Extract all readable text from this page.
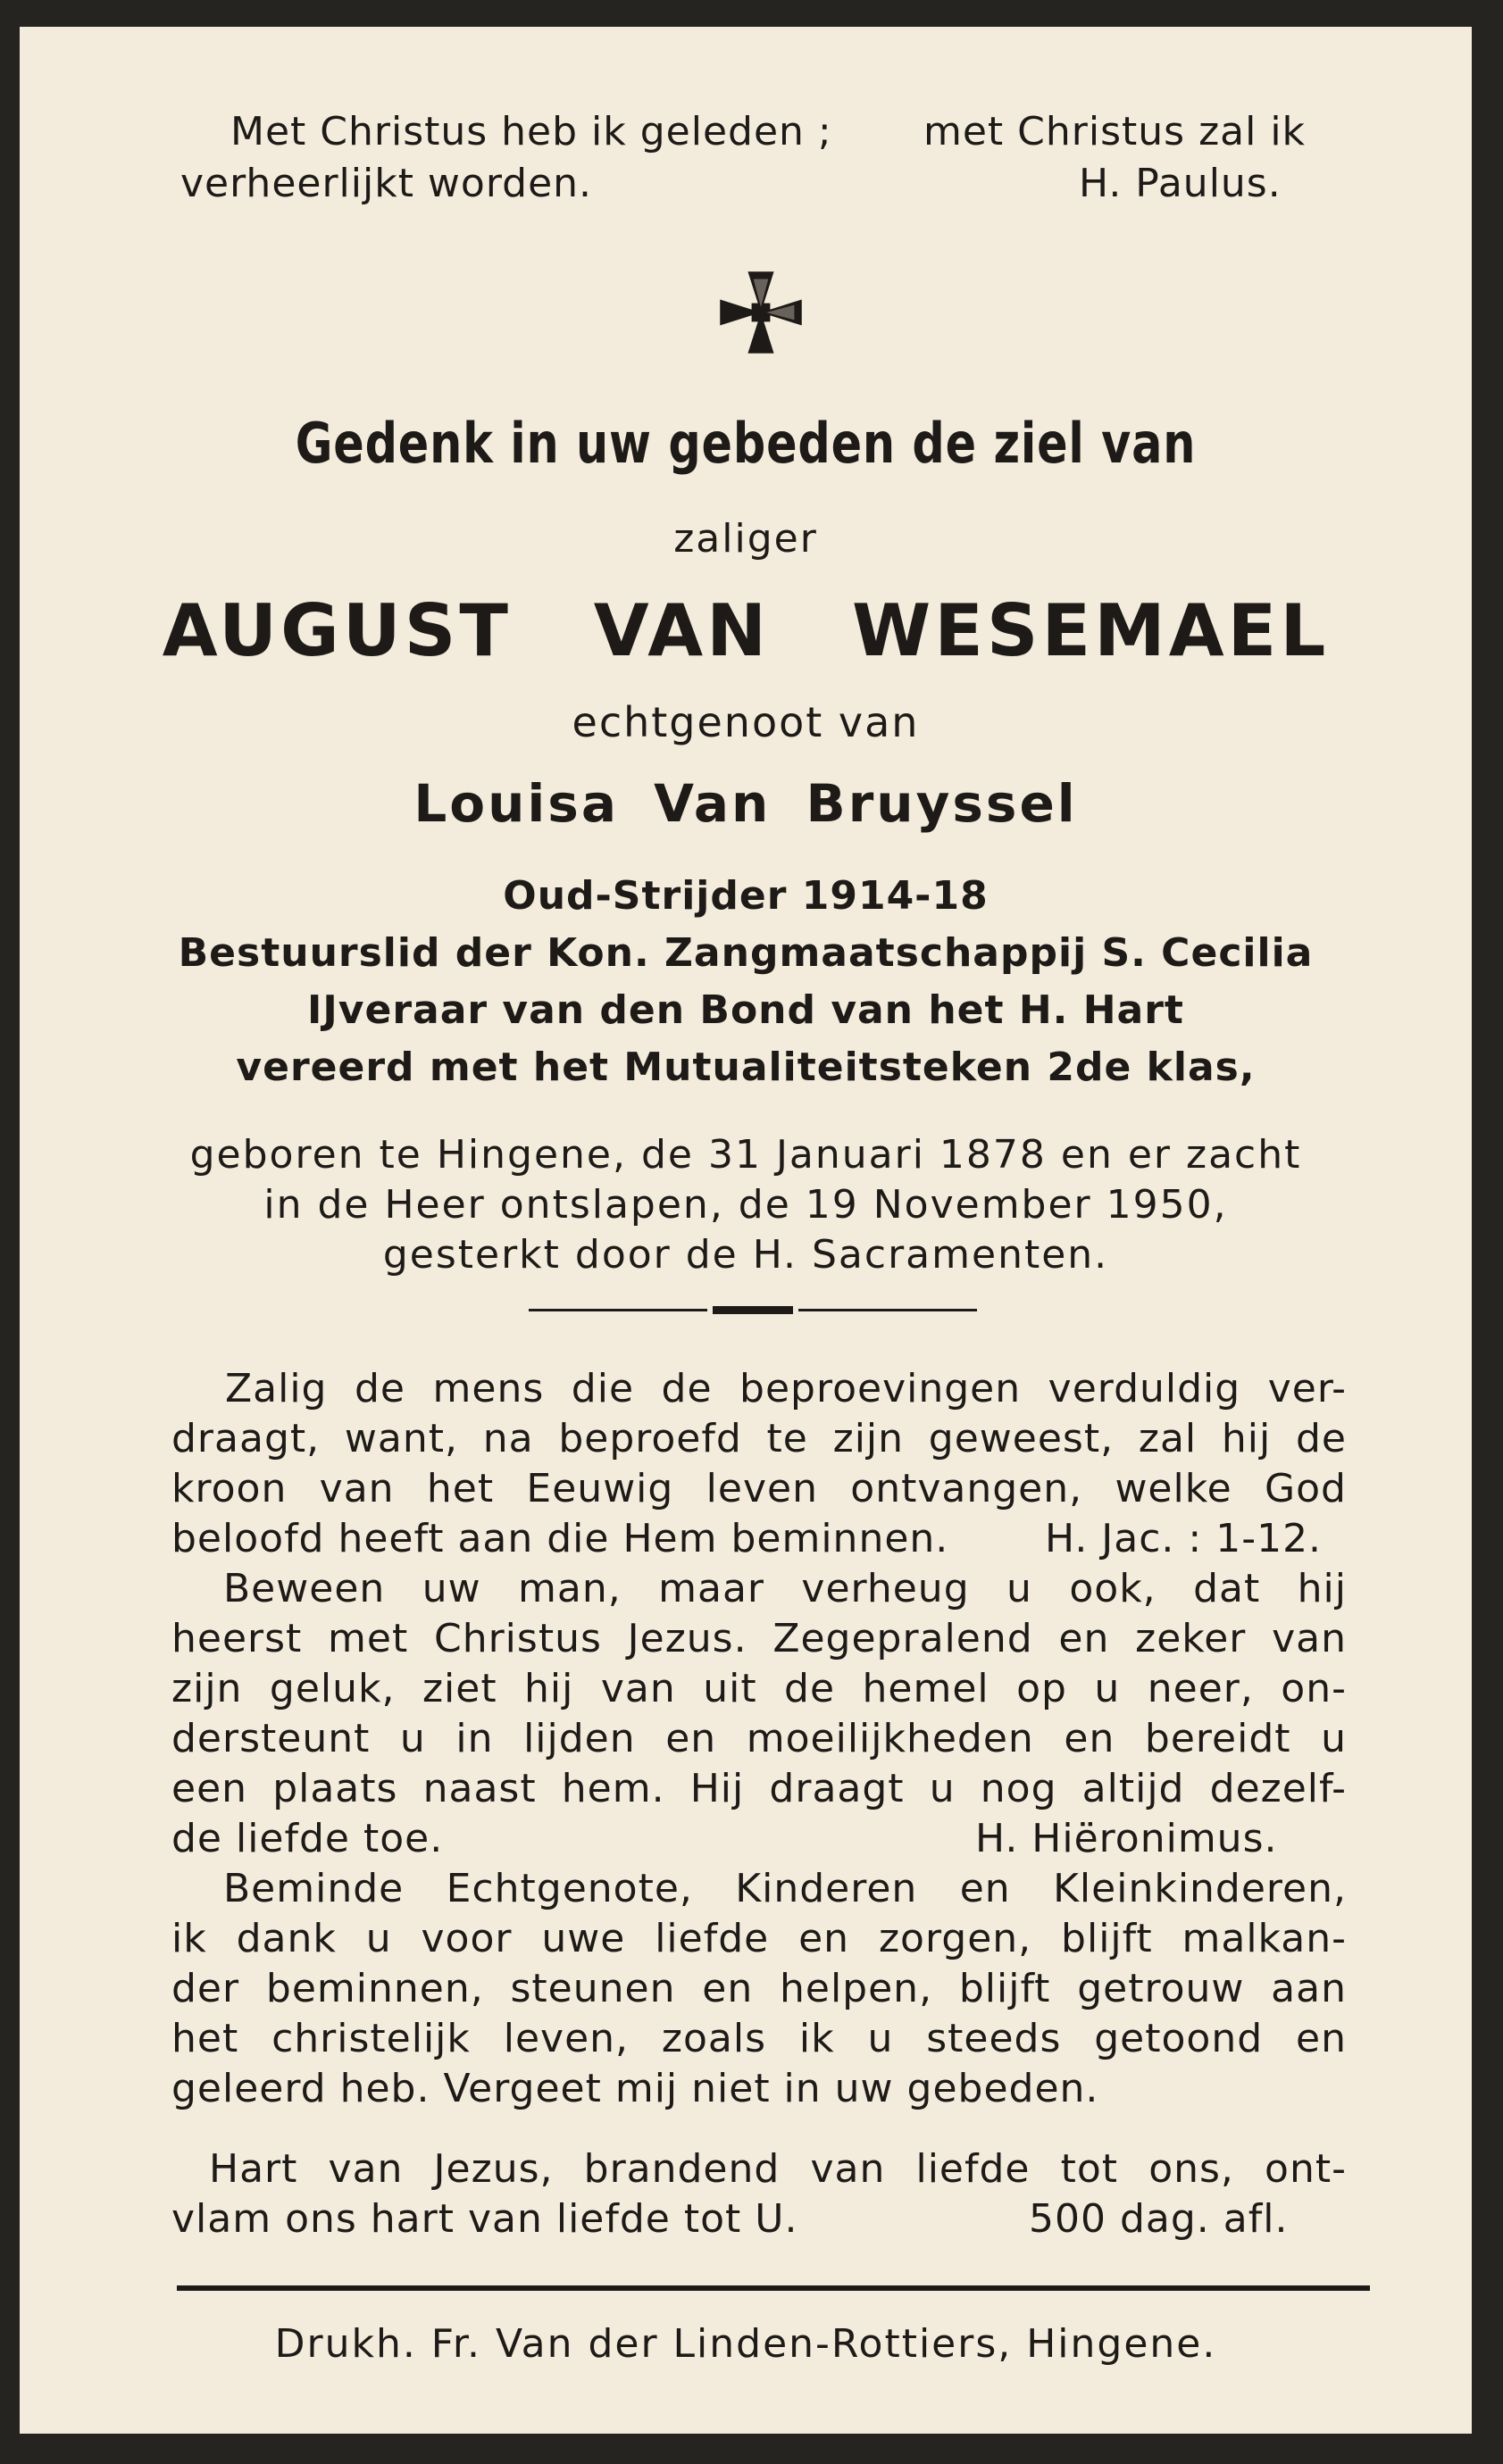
Met Christus heb ik geleden ; met Christus zal ik
verheerlijkt worden.	H. Paulus.
Gedenk in uw gebeden de ziel van
zaliger
AUGUST VAN WESEMAEL
echtgenoot van
Louisa Van Bruyssel
Oud-Strijder 1914-18
Bestuurslid der Kon. Zangmaatschappij S. Cecilia
IJveraar van den Bond van het H. Hart
vereerd met het Mutualiteitsteken 2de klas,
geboren te Hingene, de 31 Januari 1878 en er zacht
in de Heer ontslapen, de 19 November 1950,
gesterkt door de H. Sacramenten.
Zalig de mens die de beproevingen verduldig ver-
draagt, want, na beproefd te zijn geweest, zal hij de
kroon van het Eeuwig leven ontvangen, welke God
beloofd heeft aan die Hem beminnen. H. Jac. : 1-12.
Beween uw man, maar verheug u ook, dat hij
heerst met Christus Jezus. Zegepralend en zeker van
zijn geluk, ziet hij van uit de hemel op u neer, on-
dersteunt u in lijden en moeilijkheden en bereidt u
een plaats naast hem. Hij draagt u nog altijd dezelf-
de liefde toe.	H. Hiëronimus.
Beminde Echtgenote, Kinderen en Kleinkinderen,
ik dank u voor uwe liefde en zorgen, blijft malkan-
der beminnen, steunen en helpen, blijft getrouw aan
het christelijk leven, zoals ik u steeds getoond en
geleerd heb. Vergeet mij niet in uw gebeden.
Hart van Jezus, brandend van liefde tot ons, ont-
vlam ons hart van liefde tot U.	500 dag. afl.
Drukh. Fr. Van der Linden-Rottiers, Hingene.
